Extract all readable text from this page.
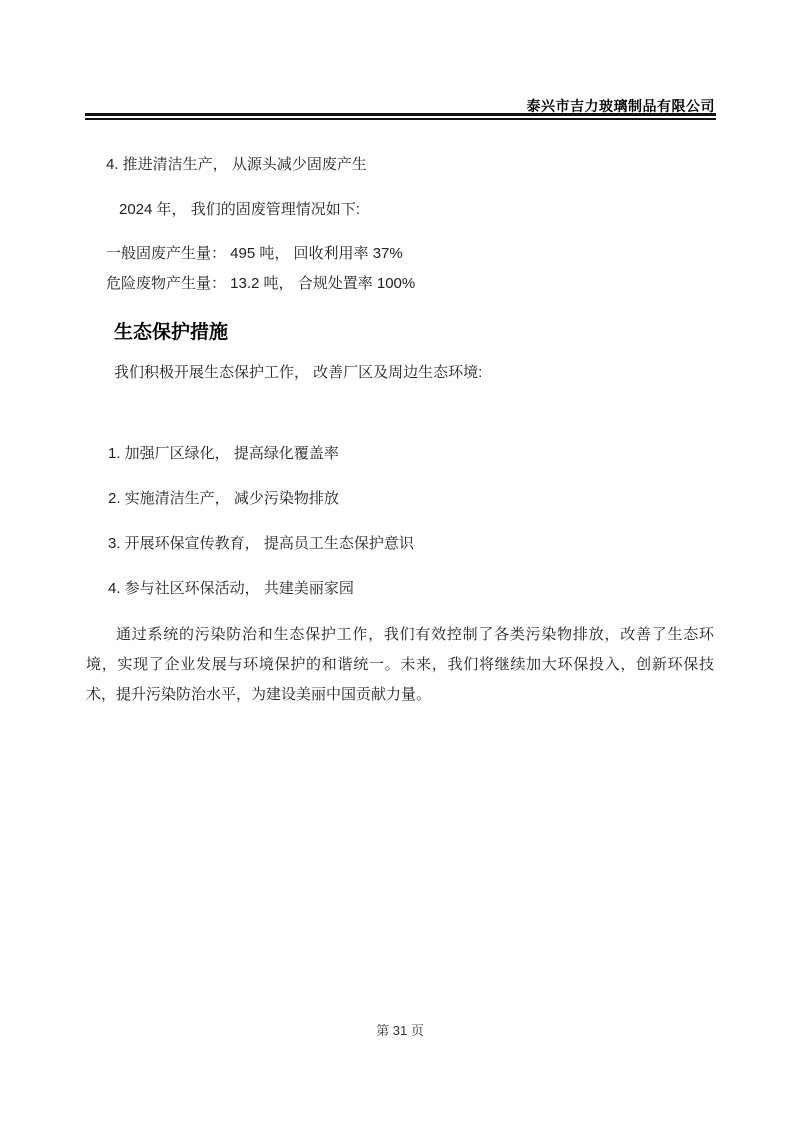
泰兴市吉力玻璃制品有限公司
4. 推进清洁生产， 从源头减少固废产生
2024 年， 我们的固废管理情况如下:
一般固废产生量： 495 吨， 回收利用率 37%
危险废物产生量： 13.2 吨， 合规处置率 100%
生态保护措施
我们积极开展生态保护工作， 改善厂区及周边生态环境:
1. 加强厂区绿化， 提高绿化覆盖率
2. 实施清洁生产， 减少污染物排放
3. 开展环保宣传教育， 提高员工生态保护意识
4. 参与社区环保活动， 共建美丽家园
通过系统的污染防治和生态保护工作，我们有效控制了各类污染物排放，改善了生态环境，实现了企业发展与环境保护的和谐统一。未来，我们将继续加大环保投入，创新环保技术，提升污染防治水平，为建设美丽中国贡献力量。
第 31 页
